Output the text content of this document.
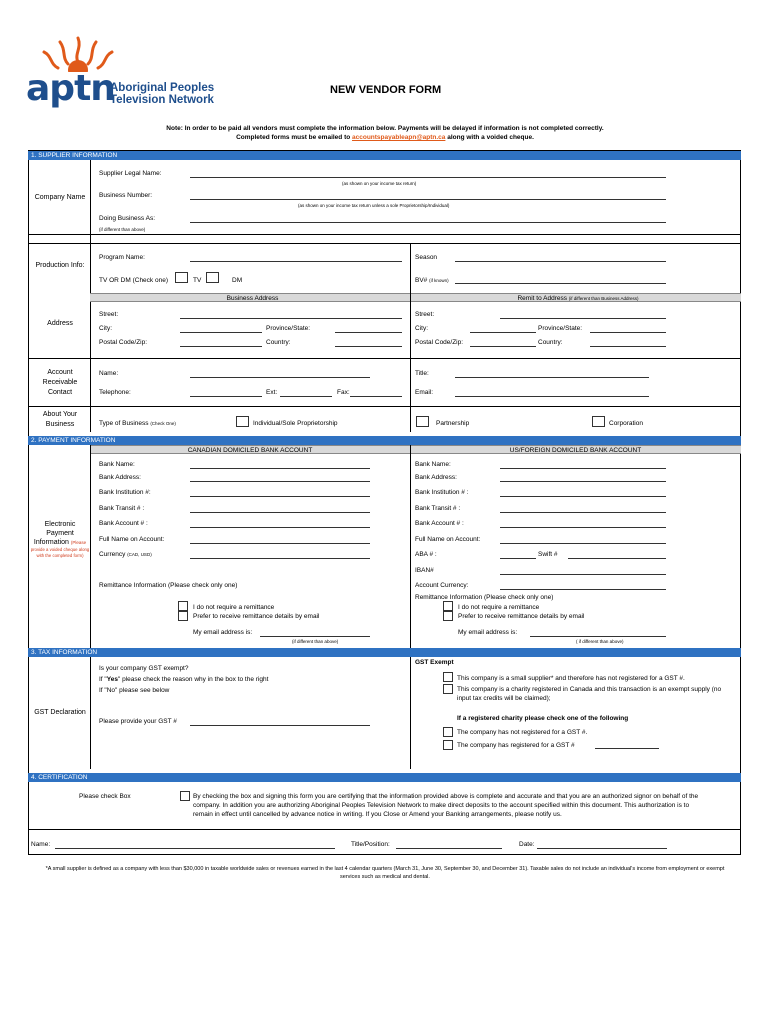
aptn
Aboriginal Peoples
Television Network
NEW VENDOR FORM
Note: In order to be paid all vendors must complete the information below. Payments will be delayed if information is not completed correctly.
Completed forms must be emailed to accountspayableapn@aptn.ca along with a voided cheque.
1. SUPPLIER INFORMATION
Company Name
Supplier Legal Name:
(as shown on your income tax return)
Business Number:
(as shown on your income tax return unless a sole Proprietorship/Individual)
Doing Business As:
(if different than above)
Production Info:
Program Name:	Season
TV OR DM (Check one)	TV	DM	BV# (if known)
Business Address	Remit to Address (if different than Business Address)
Address
Street:
City:	Province/State:
Postal Code/Zip:	Country:
Street:
City:	Province/State:
Postal Code/Zip:	Country:
Account
Receivable
Contact
Name:	Title:
Telephone:	Ext:	Fax:	Email:
About Your
Business	Type of Business (Check One)	Individual/Sole Proprietorship	Partnership	Corporation
2. PAYMENT INFORMATION
CANADIAN DOMICILED BANK ACCOUNT	US/FOREIGN DOMICILED BANK ACCOUNT
Electronic
Payment
Information (Please
provide a voided cheque along with the completed form)
Bank Name:
Bank Address:
Bank Institution #:
Bank Transit # :
Bank Account # :
Full Name on Account:
Currency (CAD, USD)
Remittance Information (Please check only one)
I do not require a remittance
Prefer to receive remittance details by email
My email address is:
(if different than above)
Bank Name:
Bank Address:
Bank Institution # :
Bank Transit # :
Bank Account # :
Full Name on Account:
ABA # :	Swift #
IBAN#
Account Currency:
Remittance Information (Please check only one)
I do not require a remittance
Prefer to receive remittance details by email
My email address is:
( if different than above)
3. TAX INFORMATION
GST Declaration
Is your company GST exempt?
If "Yes" please check the reason why in the box to the right
If "No" please see below
Please provide your GST #
GST Exempt
This company is a small supplier* and therefore has not registered for a GST #.
This company is a charity registered in Canada and this transaction is an exempt supply (no
input tax credits will be claimed);
If a registered charity please check one of the following
The company has not registered for a GST #.
The company has registered for a GST #
4. CERTIFICATION
Please check Box	By checking the box and signing this form you are certifying that the information provided above is complete and accurate and that you are an authorized signor on behalf of the
company. In addition you are authorizing Aboriginal Peoples Television Network to make direct deposits to the account specified within this document. This authorization is to
remain in effect until cancelled by advance notice in writing. If you Close or Amend your Banking arrangements, please notify us.
Name:	Title/Position:	Date:
*A small supplier is defined as a company with less than $30,000 in taxable worldwide sales or revenues earned in the last 4 calendar quarters (March 31, June 30, September 30, and December 31). Taxable sales do not include an individual's income from employment or exempt
services such as medical and dental.
